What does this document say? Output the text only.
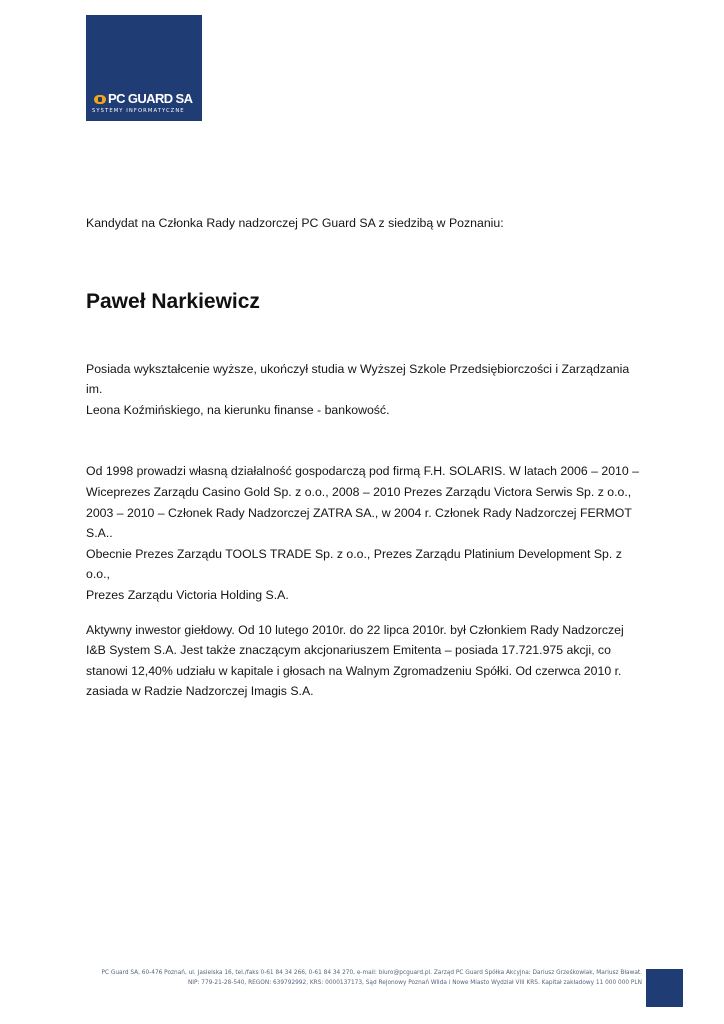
PC GUARD SA
SYSTEMY INFORMATYCZNE

Kandydat na Członka Rady nadzorczej PC Guard SA z siedzibą w Poznaniu:

Paweł Narkiewicz

Posiada wykształcenie wyższe, ukończył studia w Wyższej Szkole Przedsiębiorczości i Zarządzania im.
Leona Koźmińskiego, na kierunku finanse - bankowość.

Od 1998 prowadzi własną działalność gospodarczą pod firmą F.H. SOLARIS. W latach 2006 – 2010 –
Wiceprezes Zarządu Casino Gold Sp. z o.o., 2008 – 2010 Prezes Zarządu Victora Serwis Sp. z o.o.,
2003 – 2010 – Członek Rady Nadzorczej ZATRA SA., w 2004 r. Członek Rady Nadzorczej FERMOT S.A..
Obecnie Prezes Zarządu TOOLS TRADE Sp. z o.o., Prezes Zarządu Platinium Development Sp. z o.o.,
Prezes Zarządu Victoria Holding S.A.

Aktywny inwestor giełdowy. Od 10 lutego 2010r. do 22 lipca 2010r. był Członkiem Rady Nadzorczej
I&B System S.A. Jest także znaczącym akcjonariuszem Emitenta – posiada 17.721.975 akcji, co
stanowi 12,40% udziału w kapitale i głosach na Walnym Zgromadzeniu Spółki. Od czerwca 2010 r.
zasiada w Radzie Nadzorczej Imagis S.A.

PC Guard SA, 60-476 Poznań, ul. Jasielska 16, tel./faks 0-61 84 34 266, 0-61 84 34 270, e-mail: biuro@pcguard.pl. Zarząd PC Guard Spółka Akcyjna: Dariusz Grześkowiak, Mariusz Bławat.
NIP: 779-21-28-540, REGON: 639792992, KRS: 0000137173, Sąd Rejonowy Poznań Wilda i Nowe Miasto Wydział VIII KRS. Kapitał zakładowy 11 000 000 PLN
